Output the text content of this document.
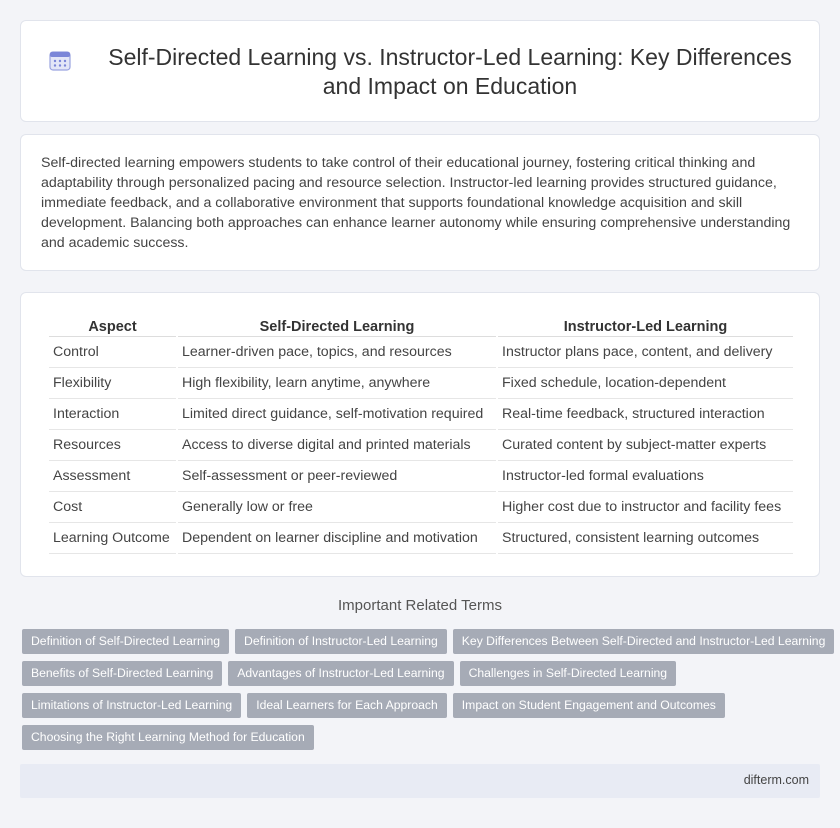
Self-Directed Learning vs. Instructor-Led Learning: Key Differences and Impact on Education

Self-directed learning empowers students to take control of their educational journey, fostering critical thinking and adaptability through personalized pacing and resource selection. Instructor-led learning provides structured guidance, immediate feedback, and a collaborative environment that supports foundational knowledge acquisition and skill development. Balancing both approaches can enhance learner autonomy while ensuring comprehensive understanding and academic success.

Aspect	Self-Directed Learning	Instructor-Led Learning
Control	Learner-driven pace, topics, and resources	Instructor plans pace, content, and delivery
Flexibility	High flexibility, learn anytime, anywhere	Fixed schedule, location-dependent
Interaction	Limited direct guidance, self-motivation required	Real-time feedback, structured interaction
Resources	Access to diverse digital and printed materials	Curated content by subject-matter experts
Assessment	Self-assessment or peer-reviewed	Instructor-led formal evaluations
Cost	Generally low or free	Higher cost due to instructor and facility fees
Learning Outcome	Dependent on learner discipline and motivation	Structured, consistent learning outcomes
Important Related Terms
Definition of Self-Directed Learning Definition of Instructor-Led Learning Key Differences Between Self-Directed and Instructor-Led Learning
Benefits of Self-Directed Learning Advantages of Instructor-Led Learning Challenges in Self-Directed Learning
Limitations of Instructor-Led Learning Ideal Learners for Each Approach Impact on Student Engagement and Outcomes
Choosing the Right Learning Method for Education
difterm.com
